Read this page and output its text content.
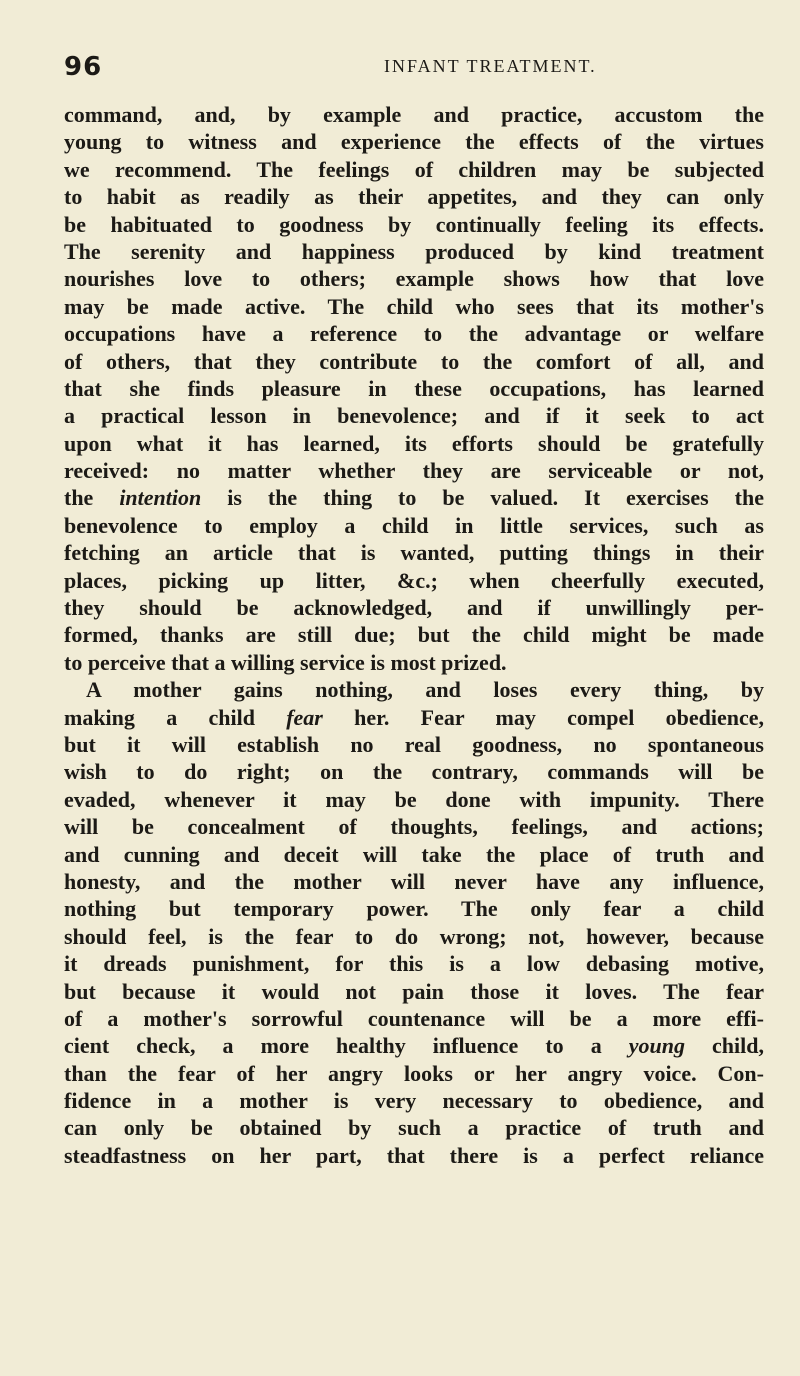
96	INFANT TREATMENT.
command, and, by example and practice, accustom the
young to witness and experience the effects of the virtues
we recommend. The feelings of children may be subjected
to habit as readily as their appetites, and they can only
be habituated to goodness by continually feeling its effects.
The serenity and happiness produced by kind treatment
nourishes love to others; example shows how that love
may be made active. The child who sees that its mother's
occupations have a reference to the advantage or welfare
of others, that they contribute to the comfort of all, and
that she finds pleasure in these occupations, has learned
a practical lesson in benevolence; and if it seek to act
upon what it has learned, its efforts should be gratefully
received: no matter whether they are serviceable or not,
the intention is the thing to be valued. It exercises the
benevolence to employ a child in little services, such as
fetching an article that is wanted, putting things in their
places, picking up litter, &c.; when cheerfully executed,
they should be acknowledged, and if unwillingly per-
formed, thanks are still due; but the child might be made
to perceive that a willing service is most prized.
A mother gains nothing, and loses every thing, by
making a child fear her. Fear may compel obedience,
but it will establish no real goodness, no spontaneous
wish to do right; on the contrary, commands will be
evaded, whenever it may be done with impunity. There
will be concealment of thoughts, feelings, and actions;
and cunning and deceit will take the place of truth and
honesty, and the mother will never have any influence,
nothing but temporary power. The only fear a child
should feel, is the fear to do wrong; not, however, because
it dreads punishment, for this is a low debasing motive,
but because it would not pain those it loves. The fear
of a mother's sorrowful countenance will be a more effi-
cient check, a more healthy influence to a young child,
than the fear of her angry looks or her angry voice. Con-
fidence in a mother is very necessary to obedience, and
can only be obtained by such a practice of truth and
steadfastness on her part, that there is a perfect reliance
